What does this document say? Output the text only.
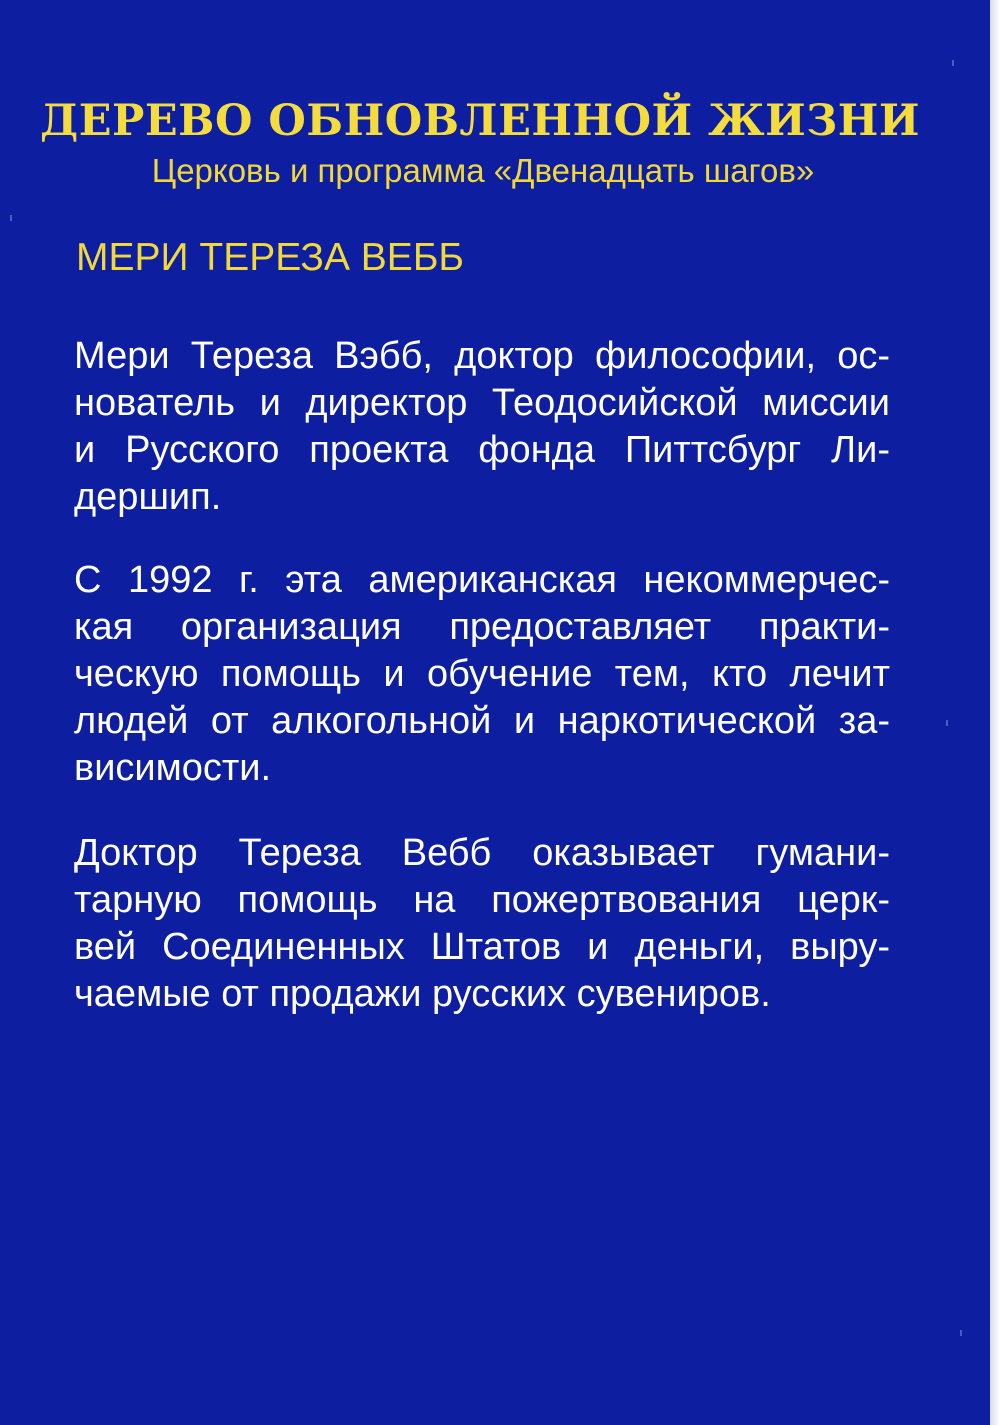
ДЕРЕВО ОБНОВЛЕННОЙ ЖИЗНИ

Церковь и программа «Двенадцать шагов»

МЕРИ ТЕРЕЗА ВЕББ

Мери Тереза Вэбб, доктор философии, ос-
нователь и директор Теодосийской миссии
и Русского проекта фонда Питтсбург Ли-
дершип.
С 1992 г. эта американская некоммерчес-
кая организация предоставляет практи-
ческую помощь и обучение тем, кто лечит
людей от алкогольной и наркотической за-
висимости.
Доктор Тереза Вебб оказывает гумани-
тарную помощь на пожертвования церк-
вей Соединенных Штатов и деньги, выру-
чаемые от продажи русских сувениров.
